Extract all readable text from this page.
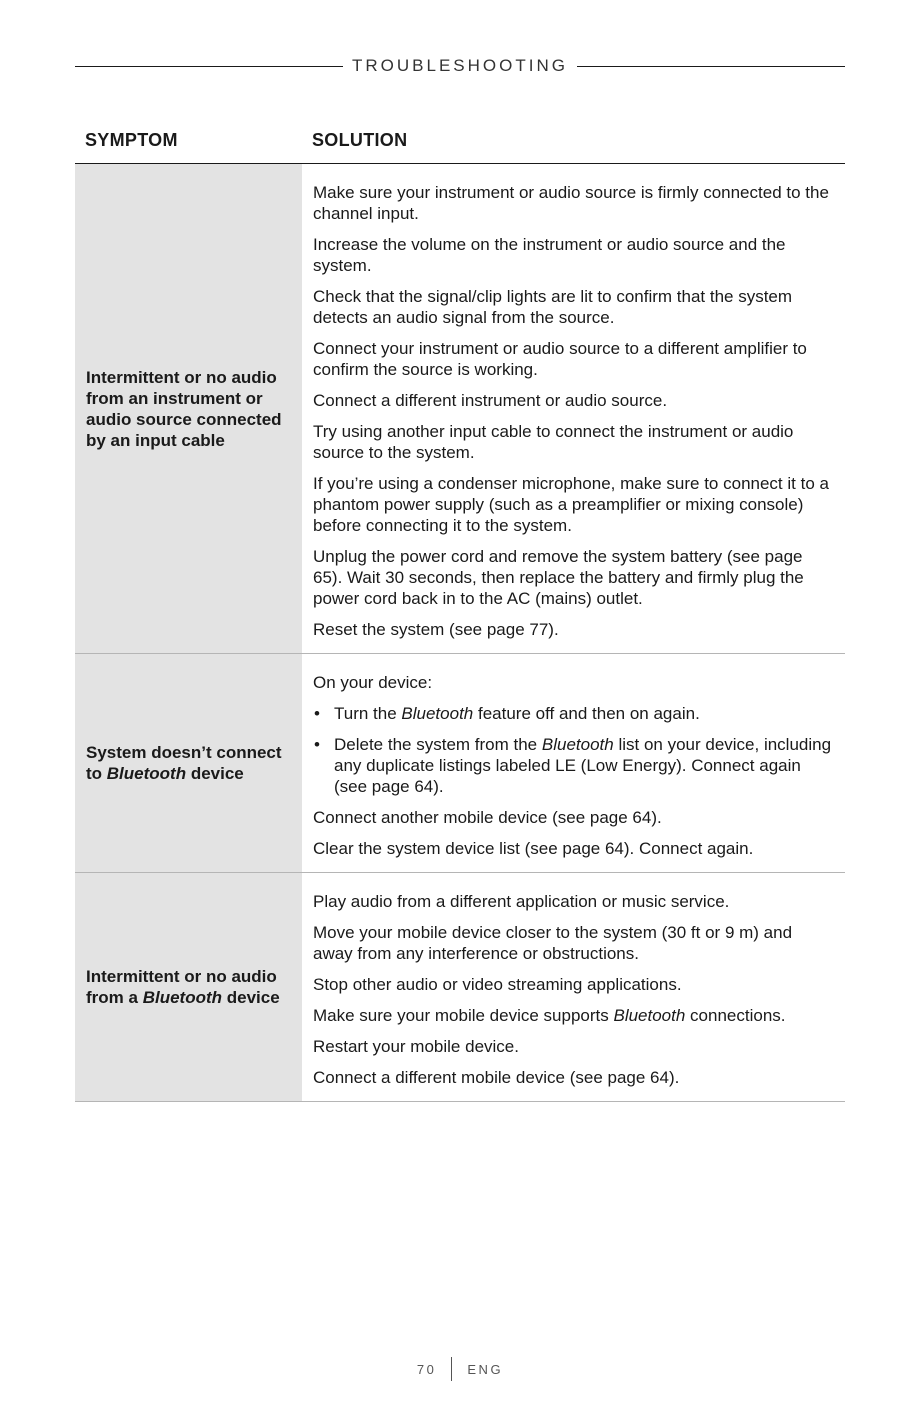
TROUBLESHOOTING
SYMPTOM	SOLUTION
Intermittent or no audio from an instrument or audio source connected by an input cable

Make sure your instrument or audio source is firmly connected to the channel input.

Increase the volume on the instrument or audio source and the system.

Check that the signal/clip lights are lit to confirm that the system detects an audio signal from the source.

Connect your instrument or audio source to a different amplifier to confirm the source is working.

Connect a different instrument or audio source.

Try using another input cable to connect the instrument or audio source to the system.

If you’re using a condenser microphone, make sure to connect it to a phantom power supply (such as a preamplifier or mixing console) before connecting it to the system.

Unplug the power cord and remove the system battery (see page 65). Wait 30 seconds, then replace the battery and firmly plug the power cord back in to the AC (mains) outlet.

Reset the system (see page 77).

System doesn’t connect to Bluetooth device

On your device:

• Turn the Bluetooth feature off and then on again.
• Delete the system from the Bluetooth list on your device, including any duplicate listings labeled LE (Low Energy). Connect again (see page 64).

Connect another mobile device (see page 64).

Clear the system device list (see page 64). Connect again.

Intermittent or no audio from a Bluetooth device

Play audio from a different application or music service.

Move your mobile device closer to the system (30 ft or 9 m) and away from any interference or obstructions.

Stop other audio or video streaming applications.

Make sure your mobile device supports Bluetooth connections.

Restart your mobile device.

Connect a different mobile device (see page 64).

70 ENG
